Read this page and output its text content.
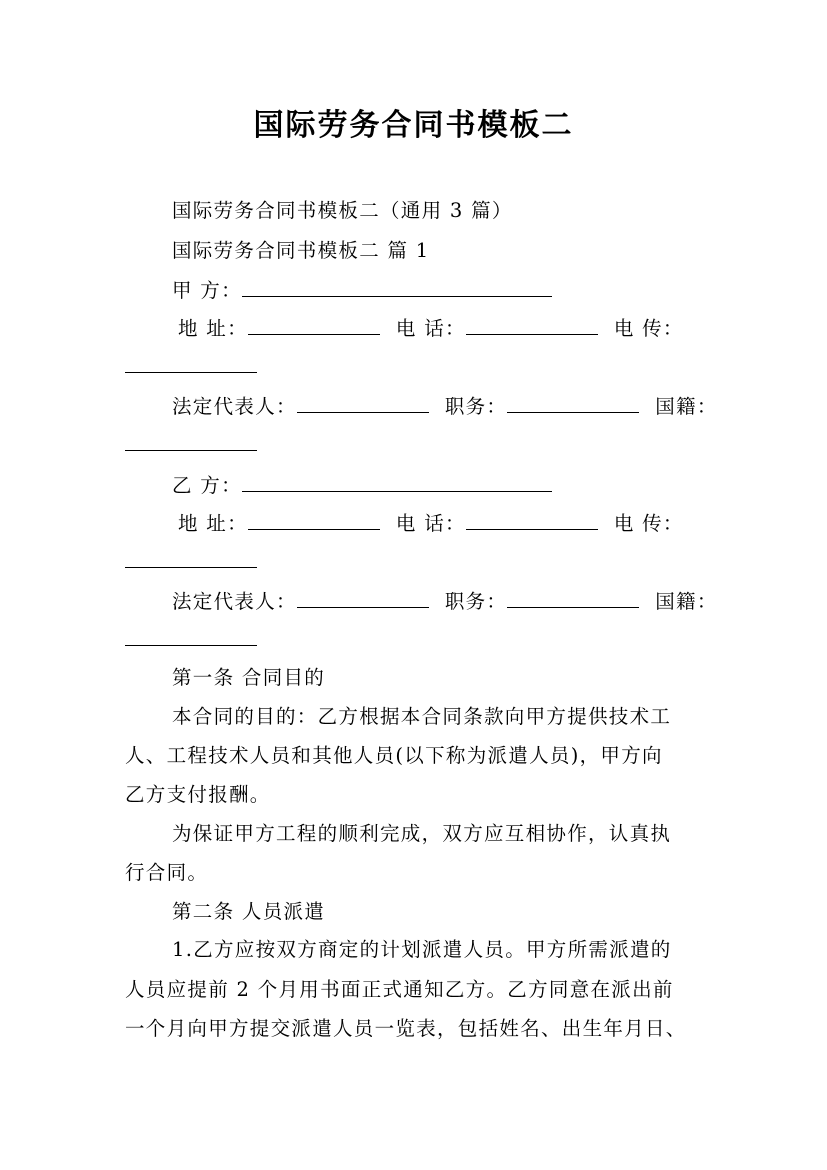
国际劳务合同书模板二
国际劳务合同书模板二（通用 3 篇）
国际劳务合同书模板二 篇 1
甲 方：
地 址：	电 话：	电 传：
法定代表人：	职务：	国籍：
乙 方：
地 址：	电 话：	电 传：
法定代表人：	职务：	国籍：
第一条 合同目的
本合同的目的：乙方根据本合同条款向甲方提供技术工
人、工程技术人员和其他人员(以下称为派遣人员)，甲方向
乙方支付报酬。
为保证甲方工程的顺利完成，双方应互相协作，认真执
行合同。
第二条 人员派遣
1.乙方应按双方商定的计划派遣人员。甲方所需派遣的
人员应提前 2 个月用书面正式通知乙方。乙方同意在派出前
一个月向甲方提交派遣人员一览表，包括姓名、出生年月日、
